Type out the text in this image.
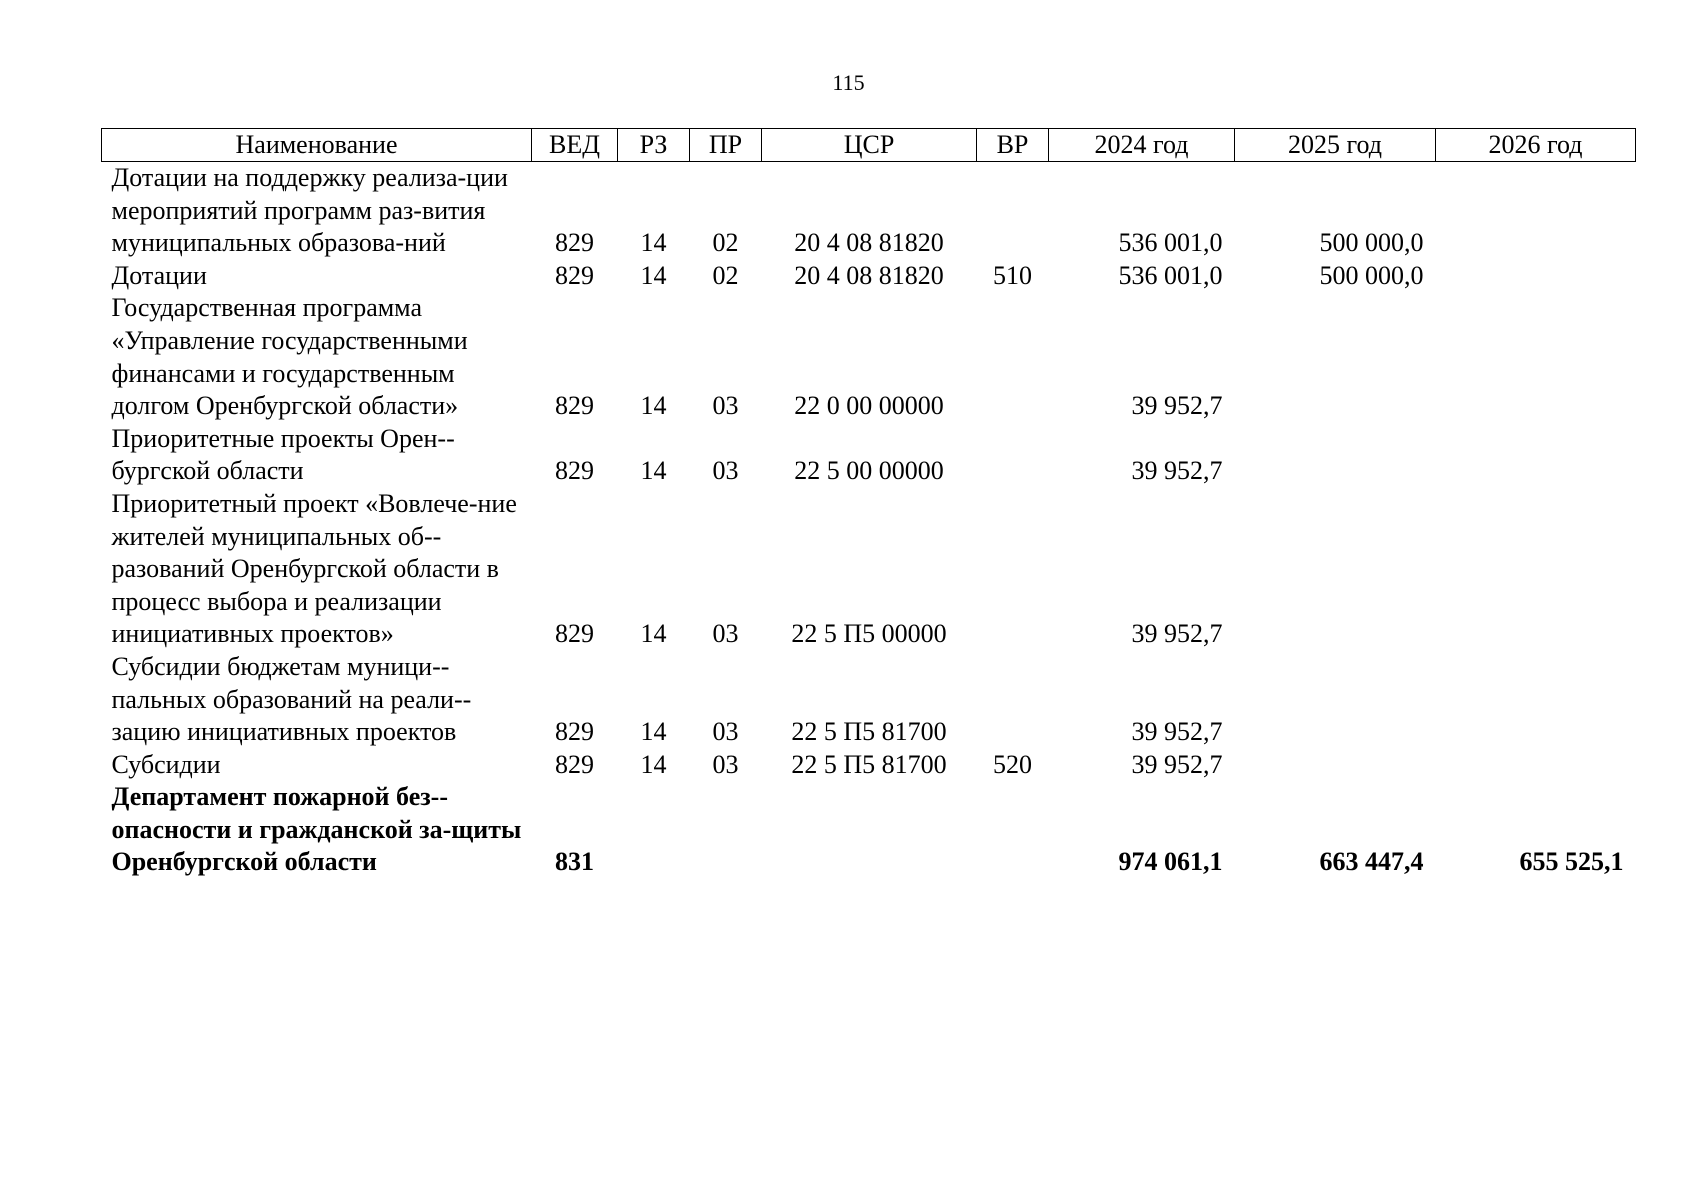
115
Наименование	ВЕД	РЗ	ПР	ЦСР	ВР	2024 год	2025 год	2026 год
Дотации на поддержку реализа-ции мероприятий программ раз-вития муниципальных образова-ний	829	14	02	20 4 08 81820		536 001,0	500 000,0	
Дотации	829	14	02	20 4 08 81820	510	536 001,0	500 000,0	
Государственная программа «Управление государственными финансами и государственным долгом Оренбургской области»	829	14	03	22 0 00 00000		39 952,7		
Приоритетные проекты Орен-бургской области	829	14	03	22 5 00 00000		39 952,7		
Приоритетный проект «Вовлече-ние жителей муниципальных об-разований Оренбургской области в процесс выбора и реализации инициативных проектов»	829	14	03	22 5 П5 00000		39 952,7		
Субсидии бюджетам муници-пальных образований на реали-зацию инициативных проектов	829	14	03	22 5 П5 81700		39 952,7		
Субсидии	829	14	03	22 5 П5 81700	520	39 952,7		
Департамент пожарной без-опасности и гражданской за-щиты Оренбургской области	831					974 061,1	663 447,4	655 525,1
